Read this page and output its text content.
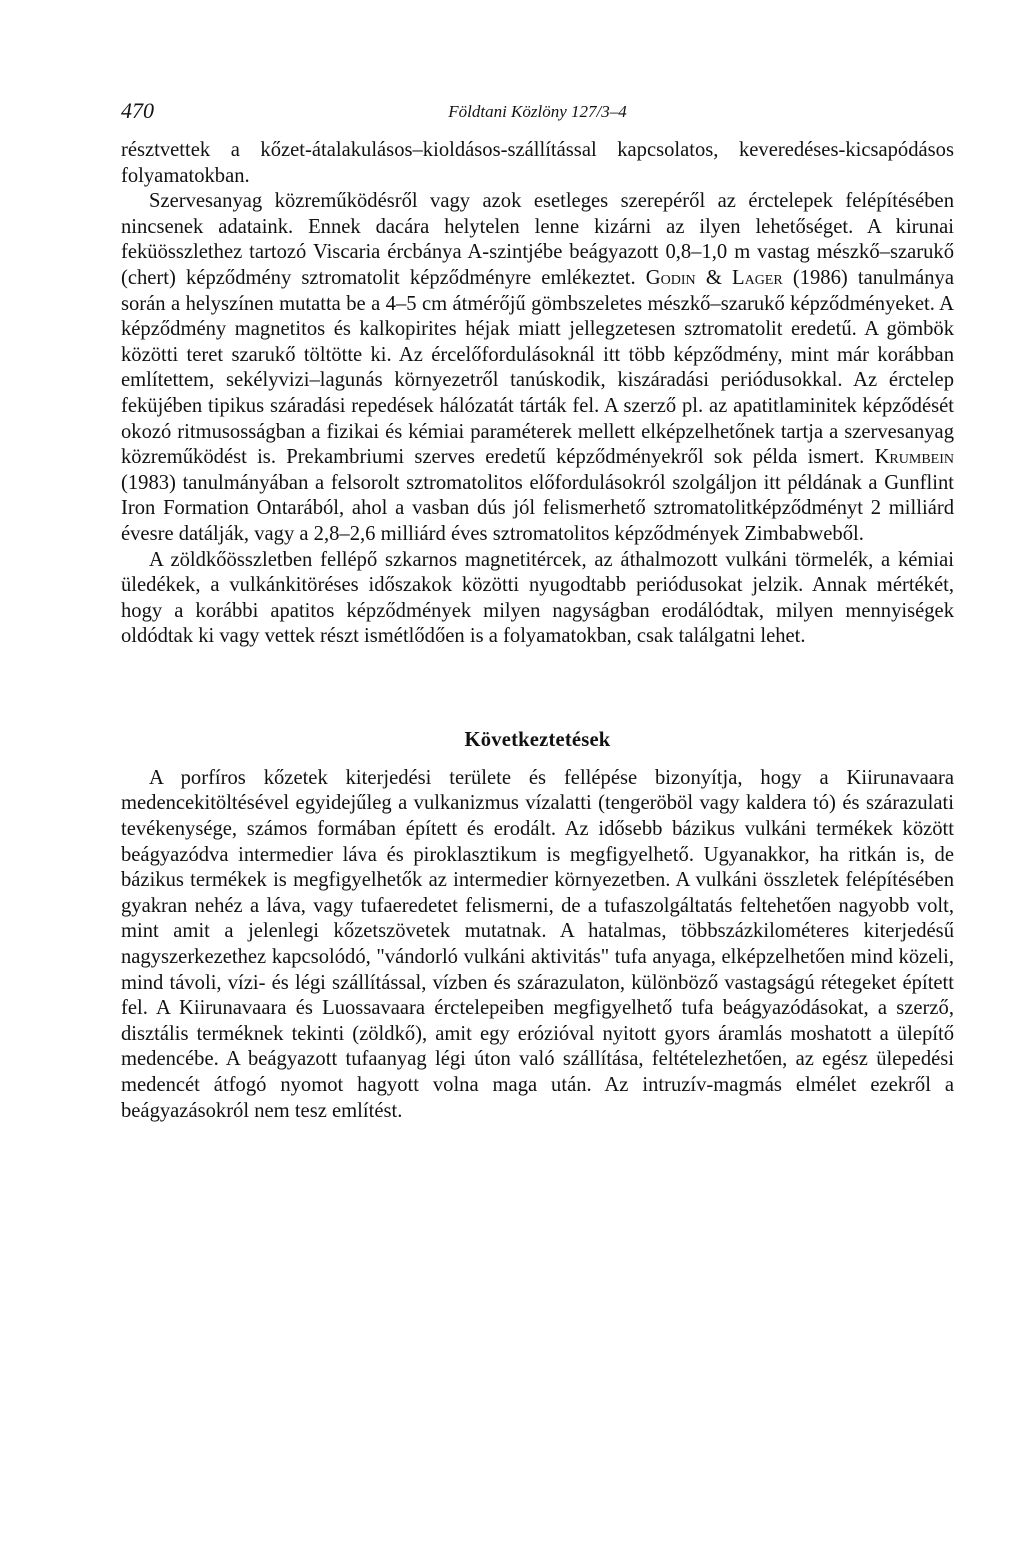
470	Földtani Közlöny 127/3–4

résztvettek a kőzet-átalakulásos–kioldásos-szállítással kapcsolatos, keveredéses-kicsapódásos folyamatokban.

Szervesanyag közreműködésről vagy azok esetleges szerepéről az érctelepek felépítésében nincsenek adataink. Ennek dacára helytelen lenne kizárni az ilyen lehetőséget. A kirunai feküösszlethez tartozó Viscaria ércbánya A-szintjébe beágyazott 0,8–1,0 m vastag mészkő–szarukő (chert) képződmény sztromatolit képződményre emlékeztet. Godin & Lager (1986) tanulmánya során a helyszínen mutatta be a 4–5 cm átmérőjű gömbszeletes mészkő–szarukő képződményeket. A képződmény magnetitos és kalkopirites héjak miatt jellegzetesen sztromatolit eredetű. A gömbök közötti teret szarukő töltötte ki. Az ércelőfordulásoknál itt több képződmény, mint már korábban említettem, sekélyvizi–lagunás környezetről tanúskodik, kiszáradási periódusokkal. Az érctelep feküjében tipikus száradási repedések hálózatát tárták fel. A szerző pl. az apatitlaminitek képződését okozó ritmusosságban a fizikai és kémiai paraméterek mellett elképzelhetőnek tartja a szervesanyag közreműködést is. Prekambriumi szerves eredetű képződményekről sok példa ismert. Krumbein (1983) tanulmányában a felsorolt sztromatolitos előfordulásokról szolgáljon itt példának a Gunflint Iron Formation Ontarából, ahol a vasban dús jól felismerhető sztromatolitképződményt 2 milliárd évesre datálják, vagy a 2,8–2,6 milliárd éves sztromatolitos képződmények Zimbabweből.

A zöldkőösszletben fellépő szkarnos magnetitércek, az áthalmozott vulkáni törmelék, a kémiai üledékek, a vulkánkitöréses időszakok közötti nyugodtabb periódusokat jelzik. Annak mértékét, hogy a korábbi apatitos képződmények milyen nagyságban erodálódtak, milyen mennyiségek oldódtak ki vagy vettek részt ismétlődően is a folyamatokban, csak találgatni lehet.

Következtetések

A porfíros kőzetek kiterjedési területe és fellépése bizonyítja, hogy a Kiirunavaara medencekitöltésével egyidejűleg a vulkanizmus vízalatti (tengeröböl vagy kaldera tó) és szárazulati tevékenysége, számos formában épített és erodált. Az idősebb bázikus vulkáni termékek között beágyazódva intermedier láva és piroklasztikum is megfigyelhető. Ugyanakkor, ha ritkán is, de bázikus termékek is megfigyelhetők az intermedier környezetben. A vulkáni összletek felépítésében gyakran nehéz a láva, vagy tufaeredetet felismerni, de a tufaszolgáltatás feltehetően nagyobb volt, mint amit a jelenlegi kőzetszövetek mutatnak. A hatalmas, többszázkilométeres kiterjedésű nagyszerkezethez kapcsolódó, "vándorló vulkáni aktivitás" tufa anyaga, elképzelhetően mind közeli, mind távoli, vízi- és légi szállítással, vízben és szárazulaton, különböző vastagságú rétegeket épített fel. A Kiirunavaara és Luossavaara érctelepeiben megfigyelhető tufa beágyazódásokat, a szerző, disztális terméknek tekinti (zöldkő), amit egy erózióval nyitott gyors áramlás moshatott a ülepítő medencébe. A beágyazott tufaanyag légi úton való szállítása, feltételezhetően, az egész ülepedési medencét átfogó nyomot hagyott volna maga után. Az intruzív-magmás elmélet ezekről a beágyazásokról nem tesz említést.
